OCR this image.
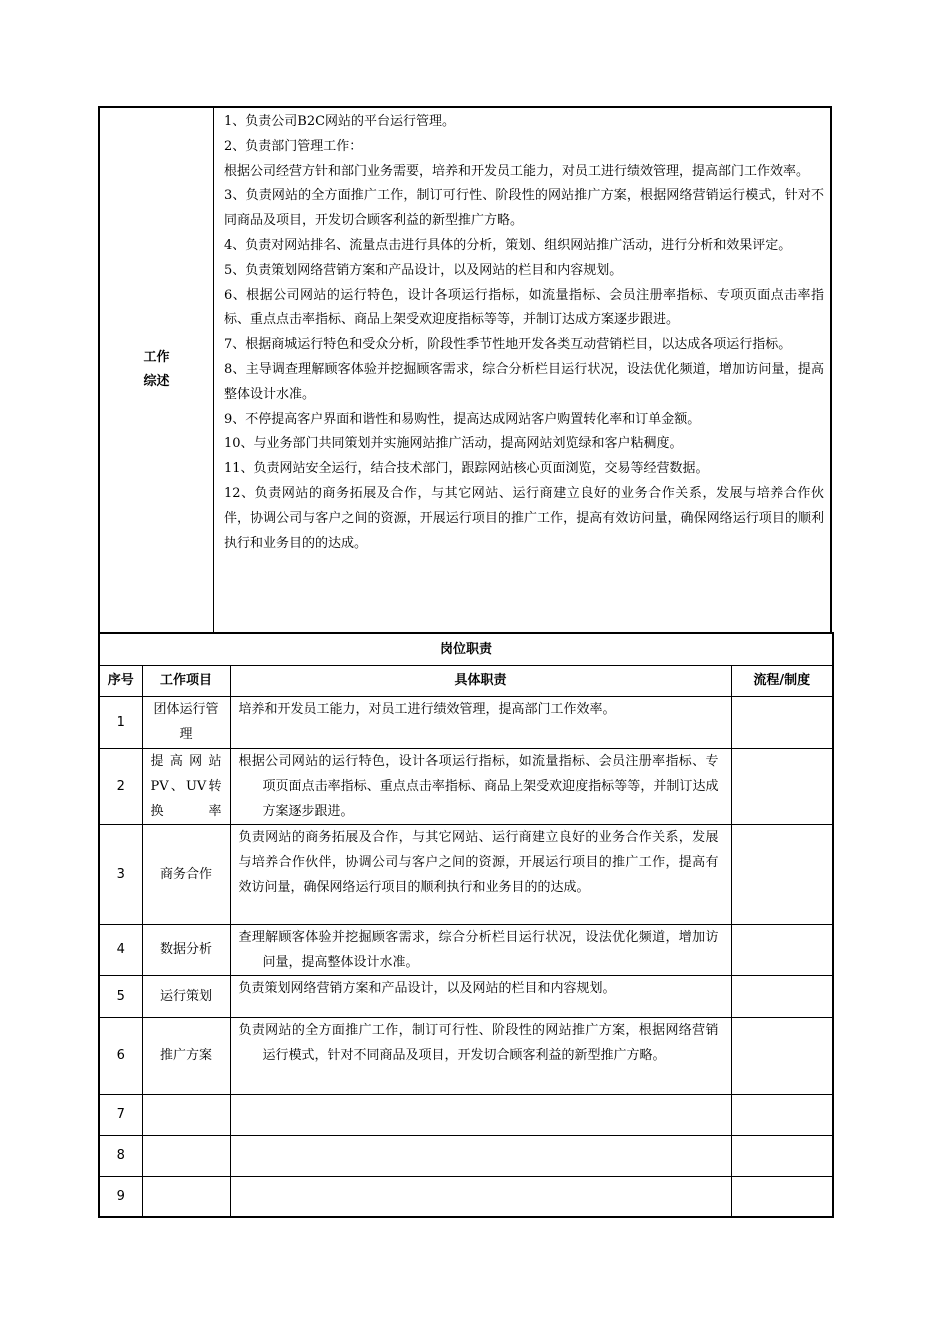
工作
综述

1、负责公司B2C网站的平台运行管理。

2、负责部门管理工作：

根据公司经营方针和部门业务需要，培养和开发员工能力，对员工进行绩效管理，提高部门工作效率。

3、负责网站的全方面推广工作，制订可行性、阶段性的网站推广方案，根据网络营销运行模式，针对不同商品及项目，开发切合顾客利益的新型推广方略。

4、负责对网站排名、流量点击进行具体的分析，策划、组织网站推广活动，进行分析和效果评定。

5、负责策划网络营销方案和产品设计，以及网站的栏目和内容规划。

6、根据公司网站的运行特色，设计各项运行指标，如流量指标、会员注册率指标、专项页面点击率指标、重点点击率指标、商品上架受欢迎度指标等等，并制订达成方案逐步跟进。

7、根据商城运行特色和受众分析，阶段性季节性地开发各类互动营销栏目，以达成各项运行指标。

8、主导调查理解顾客体验并挖掘顾客需求，综合分析栏目运行状况，设法优化频道，增加访问量，提高整体设计水准。

9、不停提高客户界面和谐性和易购性，提高达成网站客户购置转化率和订单金额。

10、与业务部门共同策划并实施网站推广活动，提高网站刘览绿和客户粘稠度。

11、负责网站安全运行，结合技术部门，跟踪网站核心页面浏览，交易等经营数据。

12、负责网站的商务拓展及合作，与其它网站、运行商建立良好的业务合作关系，发展与培养合作伙伴，协调公司与客户之间的资源，开展运行项目的推广工作，提高有效访问量，确保网络运行项目的顺利执行和业务目的的达成。

岗位职责			
序号	工作项目	具体职责	流程/制度
1	团体运行管理	培养和开发员工能力，对员工进行绩效管理，提高部门工作效率。	

2	提高网站PV、UV转换率	根据公司网站的运行特色，设计各项运行指标，如流量指标、会员注册率指标、专项页面点击率指标、重点点击率指标、商品上架受欢迎度指标等等，并制订达成方案逐步跟进。	

3	商务合作	负责网站的商务拓展及合作，与其它网站、运行商建立良好的业务合作关系，发展与培养合作伙伴，协调公司与客户之间的资源，开展运行项目的推广工作，提高有效访问量，确保网络运行项目的顺利执行和业务目的的达成。	

4	数据分析	查理解顾客体验并挖掘顾客需求，综合分析栏目运行状况，设法优化频道，增加访问量，提高整体设计水准。	

5	运行策划	负责策划网络营销方案和产品设计，以及网站的栏目和内容规划。	

6	推广方案	负责网站的全方面推广工作，制订可行性、阶段性的网站推广方案，根据网络营销运行模式，针对不同商品及项目，开发切合顾客利益的新型推广方略。	

7		

8		

9		
